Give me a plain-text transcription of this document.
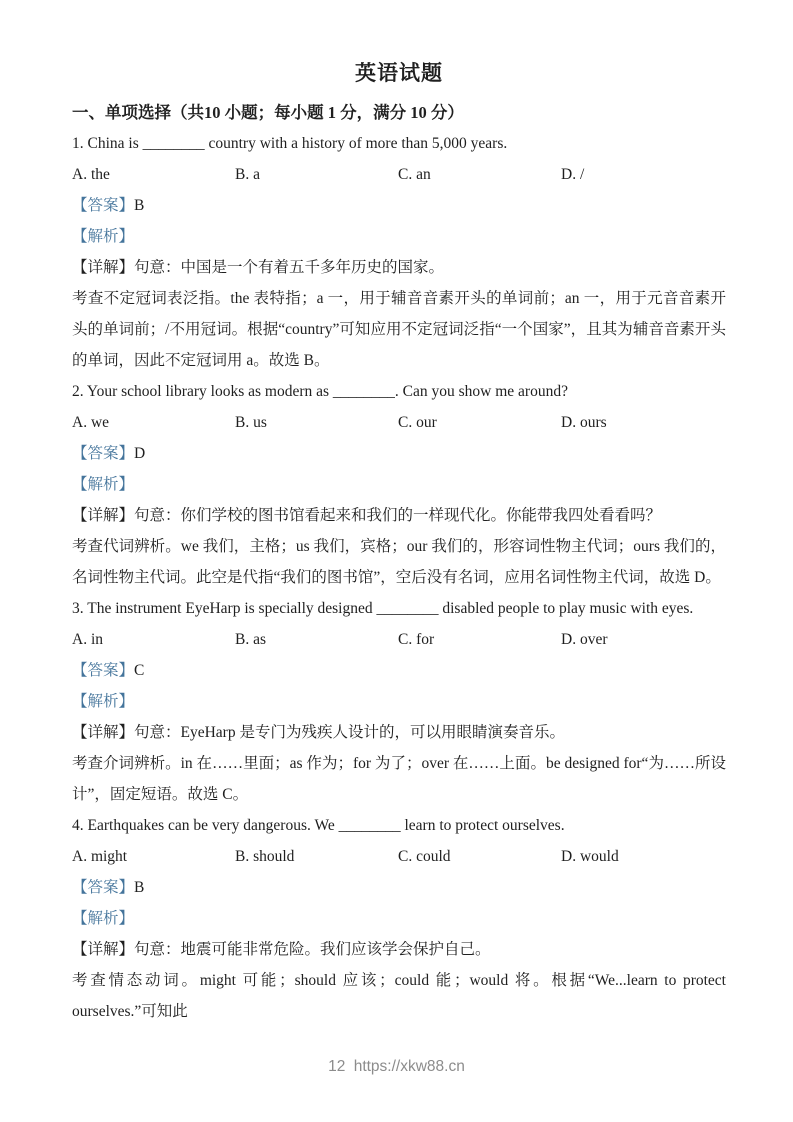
英语试题
一、单项选择（共10 小题；每小题 1 分，满分 10 分）
1. China is ________ country with a history of more than 5,000 years.
A. the	B. a	C. an	D. /
【答案】B
【解析】
【详解】句意：中国是一个有着五千多年历史的国家。
考查不定冠词表泛指。the 表特指；a 一，用于辅音音素开头的单词前；an 一，用于元音音素开头的单词前；/不用冠词。根据“country”可知应用不定冠词泛指“一个国家”，且其为辅音音素开头的单词，因此不定冠词用 a。故选 B。
2. Your school library looks as modern as ________. Can you show me around?
A. we	B. us	C. our	D. ours
【答案】D
【解析】
【详解】句意：你们学校的图书馆看起来和我们的一样现代化。你能带我四处看看吗？
考查代词辨析。we 我们，主格；us 我们，宾格；our 我们的，形容词性物主代词；ours 我们的，名词性物主代词。此空是代指“我们的图书馆”，空后没有名词，应用名词性物主代词，故选 D。
3. The instrument EyeHarp is specially designed ________ disabled people to play music with eyes.
A. in	B. as	C. for	D. over
【答案】C
【解析】
【详解】句意：EyeHarp 是专门为残疾人设计的，可以用眼睛演奏音乐。
考查介词辨析。in 在……里面；as 作为；for 为了；over 在……上面。be designed for“为……所设计”，固定短语。故选 C。
4. Earthquakes can be very dangerous. We ________ learn to protect ourselves.
A. might	B. should	C. could	D. would
【答案】B
【解析】
【详解】句意：地震可能非常危险。我们应该学会保护自己。
考查情态动词。might 可能；should 应该；could 能；would 将。根据“We...learn to protect ourselves.”可知此
12 https://xkw88.cn
